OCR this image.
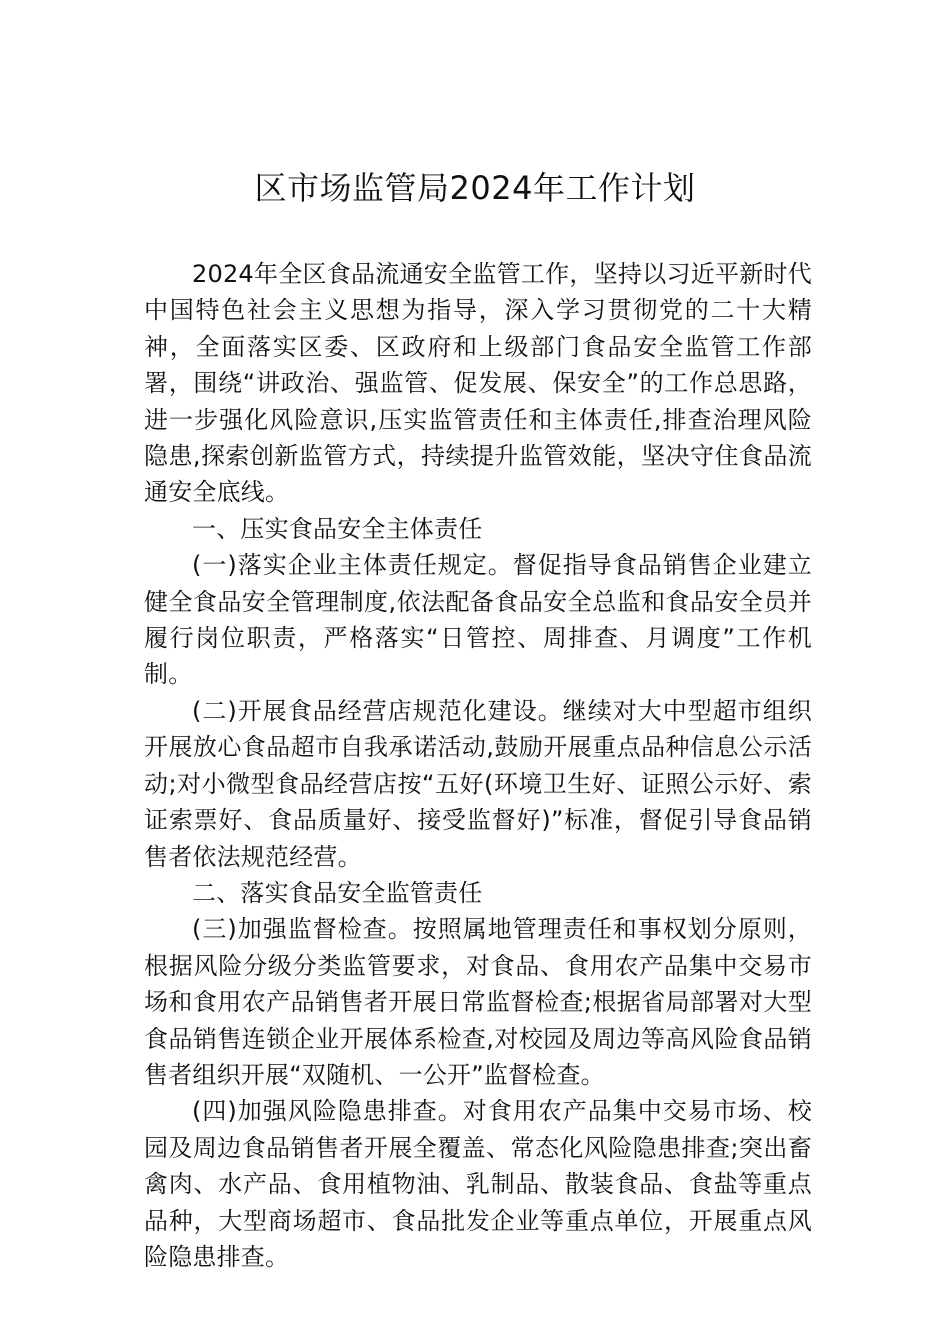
区市场监管局2024年工作计划

2024年全区食品流通安全监管工作，坚持以习近平新时代中国特色社会主义思想为指导，深入学习贯彻党的二十大精神，全面落实区委、区政府和上级部门食品安全监管工作部署，围绕“讲政治、强监管、促发展、保安全”的工作总思路，进一步强化风险意识,压实监管责任和主体责任,排查治理风险隐患,探索创新监管方式，持续提升监管效能，坚决守住食品流通安全底线。

一、压实食品安全主体责任

(一)落实企业主体责任规定。督促指导食品销售企业建立健全食品安全管理制度,依法配备食品安全总监和食品安全员并履行岗位职责，严格落实“日管控、周排查、月调度”工作机制。

(二)开展食品经营店规范化建设。继续对大中型超市组织开展放心食品超市自我承诺活动,鼓励开展重点品种信息公示活动;对小微型食品经营店按“五好(环境卫生好、证照公示好、索证索票好、食品质量好、接受监督好)”标准，督促引导食品销售者依法规范经营。

二、落实食品安全监管责任

(三)加强监督检查。按照属地管理责任和事权划分原则，根据风险分级分类监管要求，对食品、食用农产品集中交易市场和食用农产品销售者开展日常监督检查;根据省局部署对大型食品销售连锁企业开展体系检查,对校园及周边等高风险食品销售者组织开展“双随机、一公开”监督检查。

(四)加强风险隐患排查。对食用农产品集中交易市场、校园及周边食品销售者开展全覆盖、常态化风险隐患排查;突出畜禽肉、水产品、食用植物油、乳制品、散装食品、食盐等重点品种，大型商场超市、食品批发企业等重点单位，开展重点风险隐患排查。
